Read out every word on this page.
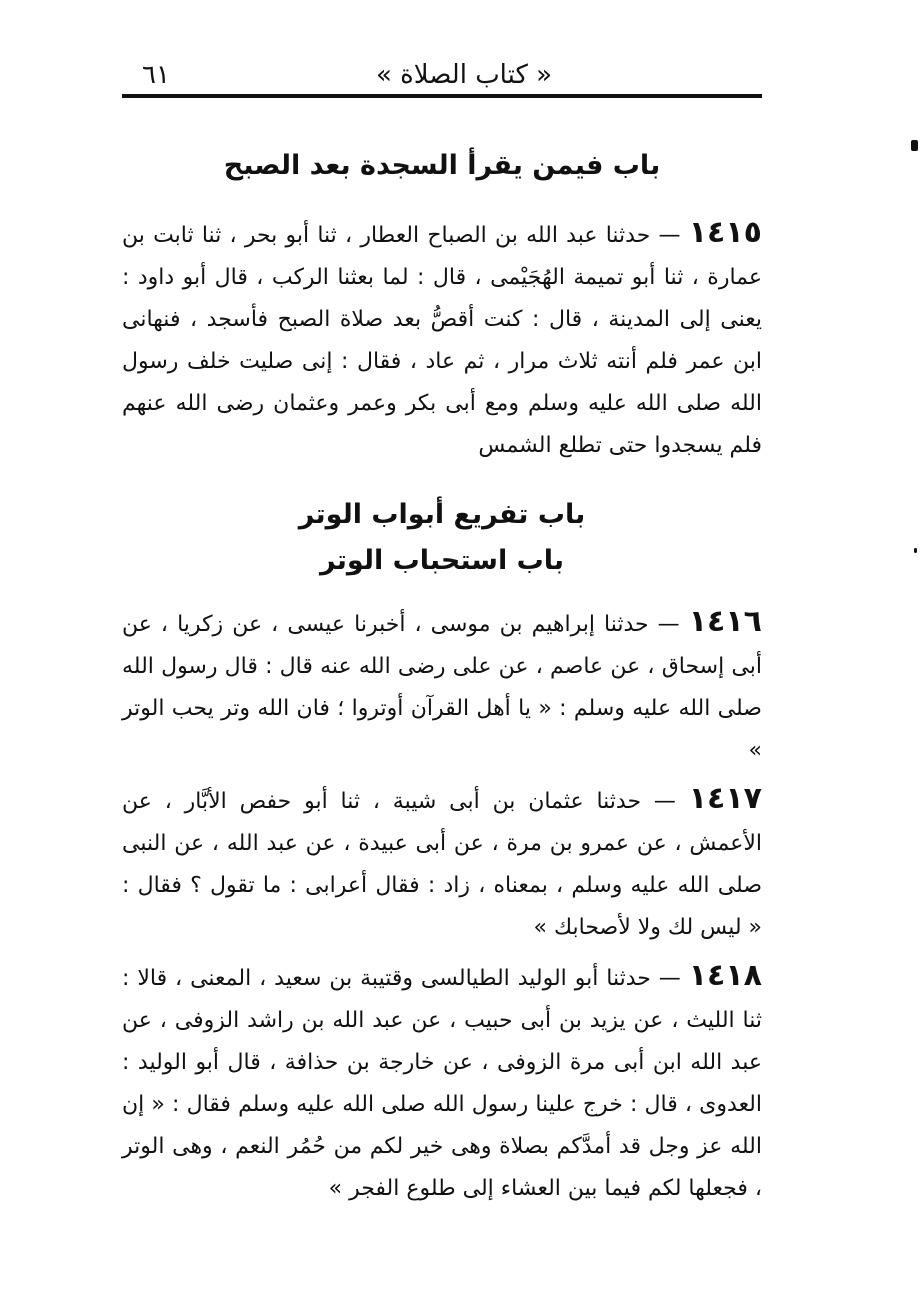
« كتاب الصلاة »
٦١
باب فيمن يقرأ السجدة بعد الصبح

١٤١٥ — حدثنا عبد الله بن الصباح العطار ، ثنا أبو بحر ، ثنا ثابت بن عمارة ، ثنا أبو تميمة الهُجَيْمى ، قال : لما بعثنا الركب ، قال أبو داود : يعنى إلى المدينة ، قال : كنت أقصُّ بعد صلاة الصبح فأسجد ، فنهانى ابن عمر فلم أنته ثلاث مرار ، ثم عاد ، فقال : إنى صليت خلف رسول الله صلى الله عليه وسلم ومع أبى بكر وعمر وعثمان رضى الله عنهم فلم يسجدوا حتى تطلع الشمس

باب تفريع أبواب الوتر
باب استحباب الوتر

١٤١٦ — حدثنا إبراهيم بن موسى ، أخبرنا عيسى ، عن زكريا ، عن أبى إسحاق ، عن عاصم ، عن على رضى الله عنه قال : قال رسول الله صلى الله عليه وسلم : « يا أهل القرآن أوتروا ؛ فان الله وتر يحب الوتر »

١٤١٧ — حدثنا عثمان بن أبى شيبة ، ثنا أبو حفص الأبَّار ، عن الأعمش ، عن عمرو بن مرة ، عن أبى عبيدة ، عن عبد الله ، عن النبى صلى الله عليه وسلم ، بمعناه ، زاد : فقال أعرابى : ما تقول ؟ فقال : « ليس لك ولا لأصحابك »

١٤١٨ — حدثنا أبو الوليد الطيالسى وقتيبة بن سعيد ، المعنى ، قالا : ثنا الليث ، عن يزيد بن أبى حبيب ، عن عبد الله بن راشد الزوفى ، عن عبد الله ابن أبى مرة الزوفى ، عن خارجة بن حذافة ، قال أبو الوليد : العدوى ، قال : خرج علينا رسول الله صلى الله عليه وسلم فقال : « إن الله عز وجل قد أمدَّكم بصلاة وهى خير لكم من حُمُر النعم ، وهى الوتر ، فجعلها لكم فيما بين العشاء إلى طلوع الفجر »
